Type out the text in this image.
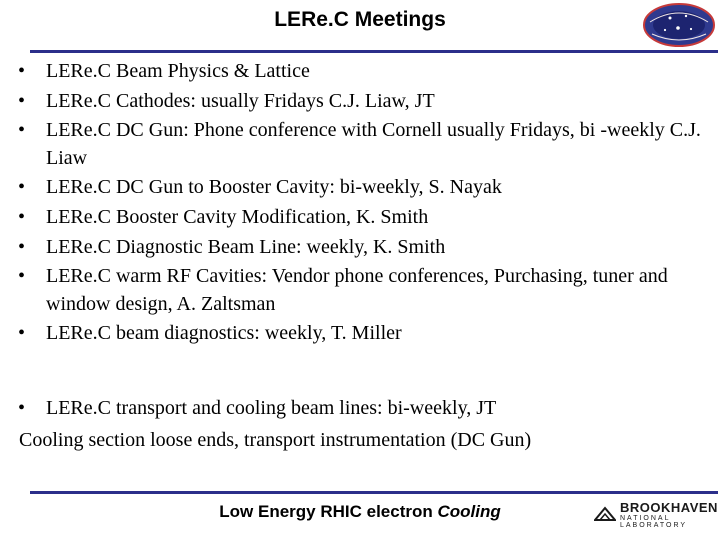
LERe.C Meetings
•	LERe.C Beam Physics & Lattice
•	LERe.C Cathodes: usually Fridays C.J. Liaw, JT
•	LERe.C DC Gun: Phone conference with Cornell usually Fridays, bi -weekly C.J. Liaw
•	LERe.C DC Gun to Booster Cavity: bi-weekly, S. Nayak
•	LERe.C Booster Cavity Modification, K. Smith
•	LERe.C Diagnostic Beam Line: weekly, K. Smith
•	LERe.C warm RF Cavities: Vendor phone conferences, Purchasing, tuner and window design, A. Zaltsman
•	LERe.C beam diagnostics: weekly, T. Miller
• LERe.C transport and cooling beam lines: bi-weekly, JT
Cooling section loose ends, transport instrumentation (DC Gun)
Low Energy RHIC electron Cooling	BROOKHAVEN
NATIONAL LABORATORY
